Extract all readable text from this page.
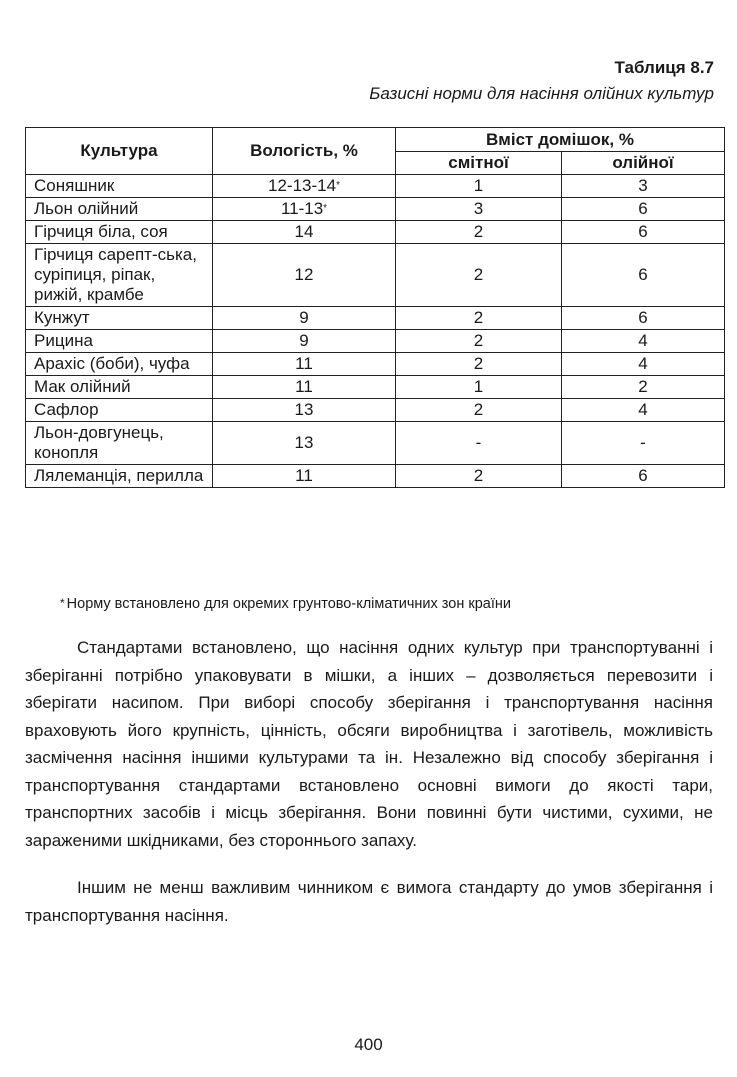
Таблиця 8.7
Базисні норми для насіння олійних культур
Культура	Вологість, %	Вміст домішок, %	
		смітної	олійної
Соняшник	12-13-14*	1	3
Льон олійний	11-13*	3	6
Гірчиця біла, соя	14	2	6
Гірчиця сарепт-ська, суріпиця, ріпак, рижій, крамбе	12	2	6
Кунжут	9	2	6
Рицина	9	2	4
Арахіс (боби), чуфа	11	2	4
Мак олійний	11	1	2
Сафлор	13	2	4
Льон-довгунець, конопля	13	-	-
Лялеманція, перилла	11	2	6
* Норму встановлено для окремих грунтово-кліматичних зон країни
Стандартами встановлено, що насіння одних культур при транспортуванні і зберіганні потрібно упаковувати в мішки, а інших – дозволяється перевозити і зберігати насипом. При виборі способу зберігання і транспортування насіння враховують його крупність, цінність, обсяги виробництва і заготівель, можливість засмічення насіння іншими культурами та ін. Незалежно від способу зберігання і транспортування стандартами встановлено основні вимоги до якості тари, транспортних засобів і місць зберігання. Вони повинні бути чистими, сухими, не зараженими шкідниками, без стороннього запаху.
Іншим не менш важливим чинником є вимога стандарту до умов зберігання і транспортування насіння.
400
